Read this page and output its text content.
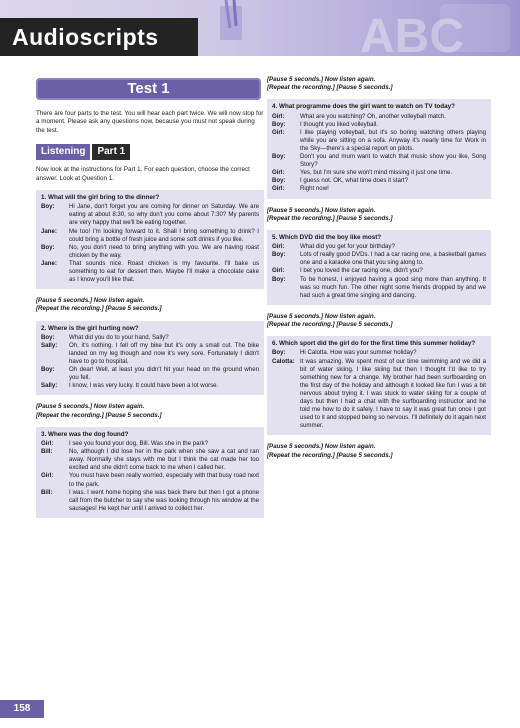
ABC
Audioscripts
Test 1

There are four parts to the test. You will hear each part twice. We will now stop for a moment. Please ask any questions now, because you must not speak during the test.

Listening	Part 1

Now look at the instructions for Part 1. For each question, choose the correct answer. Look at Question 1.

1. What will the girl bring to the dinner?
Boy:	Hi Jane, don't forget you are coming for dinner on Saturday. We are eating at about 8:30, so why don't you come about 7:30? My parents are very happy that we'll be eating together.
Jane:	Me too! I'm looking forward to it. Shall I bring something to drink? I could bring a bottle of fresh juice and some soft drinks if you like.
Boy:	No, you don't need to bring anything with you. We are having roast chicken by the way.
Jane:	That sounds nice. Roast chicken is my favourite. I'll bake us something to eat for dessert then. Maybe I'll make a chocolate cake as I know you'll like that.
[Pause 5 seconds.] Now listen again.
[Repeat the recording.] [Pause 5 seconds.]
2. Where is the girl hurting now?
Boy:	What did you do to your hand, Sally?
Sally:	Oh, it's nothing. I fell off my bike but it's only a small cut. The bike landed on my leg though and now it's very sore. Fortunately I didn't have to go to hospital.
Boy:	Oh dear! Well, at least you didn't hit your head on the ground when you fell.
Sally:	I know, I was very lucky. It could have been a lot worse.
[Pause 5 seconds.] Now listen again.
[Repeat the recording.] [Pause 5 seconds.]
3. Where was the dog found?
Girl:	I see you found your dog, Bill. Was she in the park?
Bill:	No, although I did lose her in the park when she saw a cat and ran away. Normally she stays with me but I think the cat made her too excited and she didn't come back to me when I called her.
Girl:	You must have been really worried, especially with that busy road next to the park.
Bill:	I was. I went home hoping she was back there but then I got a phone call from the butcher to say she was looking through his window at the sausages! He kept her until I arrived to collect her.
[Pause 5 seconds.] Now listen again.
[Repeat the recording.] [Pause 5 seconds.]
4. What programme does the girl want to watch on TV today?
Girl:	What are you watching? Oh, another volleyball match.
Boy:	I thought you liked volleyball.
Girl:	I like playing volleyball, but it's so boring watching others playing while you are sitting on a sofa. Anyway it's nearly time for Work in the Sky—there's a special report on pilots.
Boy:	Don't you and mum want to watch that music show you like, Song Story?
Girl:	Yes, but I'm sure she won't mind missing it just one time.
Boy:	I guess not. OK, what time does it start?
Girl:	Right now!
[Pause 5 seconds.] Now listen again.
[Repeat the recording.] [Pause 5 seconds.]
5. Which DVD did the boy like most?
Girl:	What did you get for your birthday?
Boy:	Lots of really good DVDs. I had a car racing one, a basketball games one and a karaoke one that you sing along to.
Girl:	I bet you loved the car racing one, didn't you?
Boy:	To be honest, I enjoyed having a good sing more than anything. It was so much fun. The other night some friends dropped by and we had such a great time singing and dancing.
[Pause 5 seconds.] Now listen again.
[Repeat the recording.] [Pause 5 seconds.]
6. Which sport did the girl do for the first time this summer holiday?
Boy:	Hi Calotta. How was your summer holiday?
Calotta: It was amazing. We spent most of our time swimming and we did a bit of water skiing. I like skiing but then I thought I'd like to try something new for a change. My brother had been surfboarding on the first day of the holiday and although it looked like fun I was a bit nervous about trying it. I was stuck to water skiing for a couple of days but then I had a chat with the surfboarding instructor and he told me how to do it safely. I have to say it was great fun once I got used to it and stopped being so nervous. I'll definitely do it again next summer.
[Pause 5 seconds.] Now listen again.
[Repeat the recording.] [Pause 5 seconds.]
158
